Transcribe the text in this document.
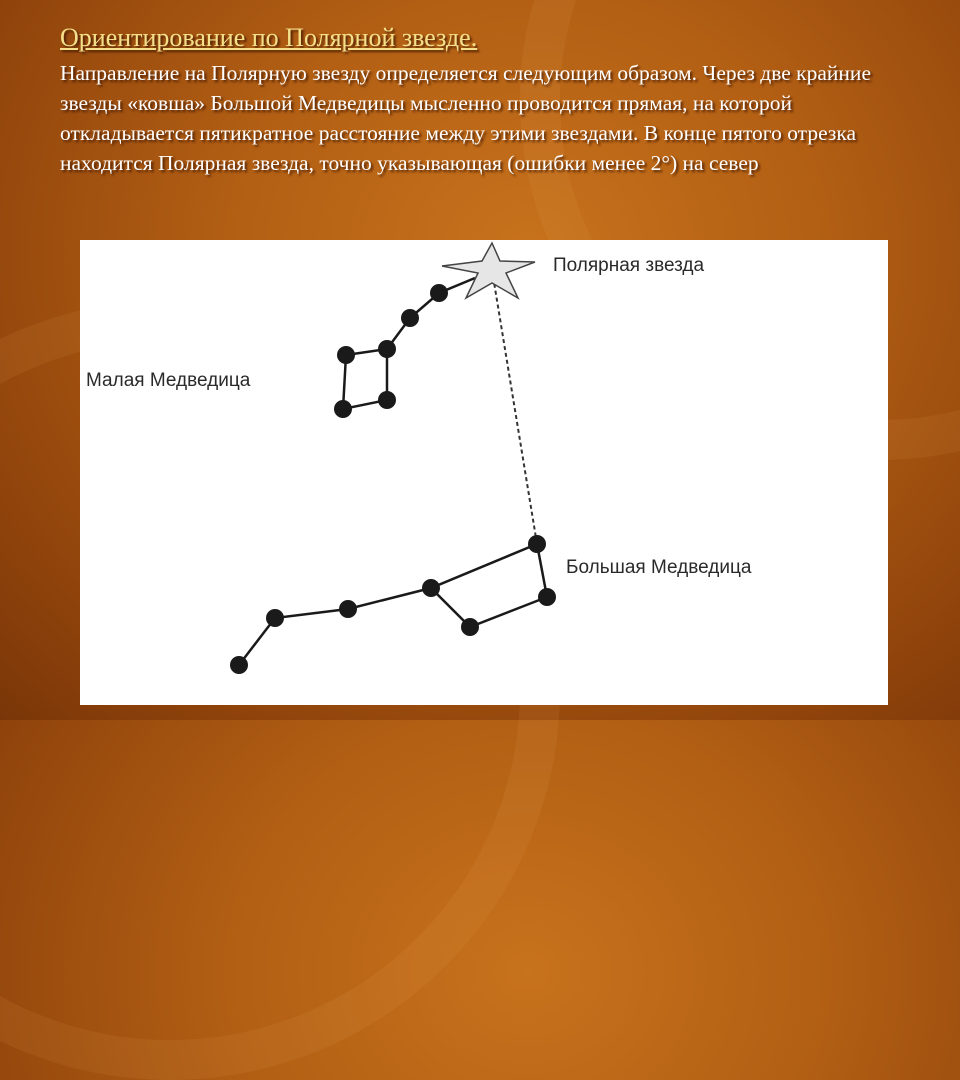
Ориентирование по Полярной звезде.

Направление на Полярную звезду определяется следующим образом. Через две крайние звезды «ковша» Большой Медведицы мысленно проводится прямая, на которой откладывается пятикратное расстояние между этими звездами. В конце пятого отрезка находится Полярная звезда, точно указывающая (ошибки менее 2°) на север

Полярная звезда
Малая Медведица
Большая Медведица
